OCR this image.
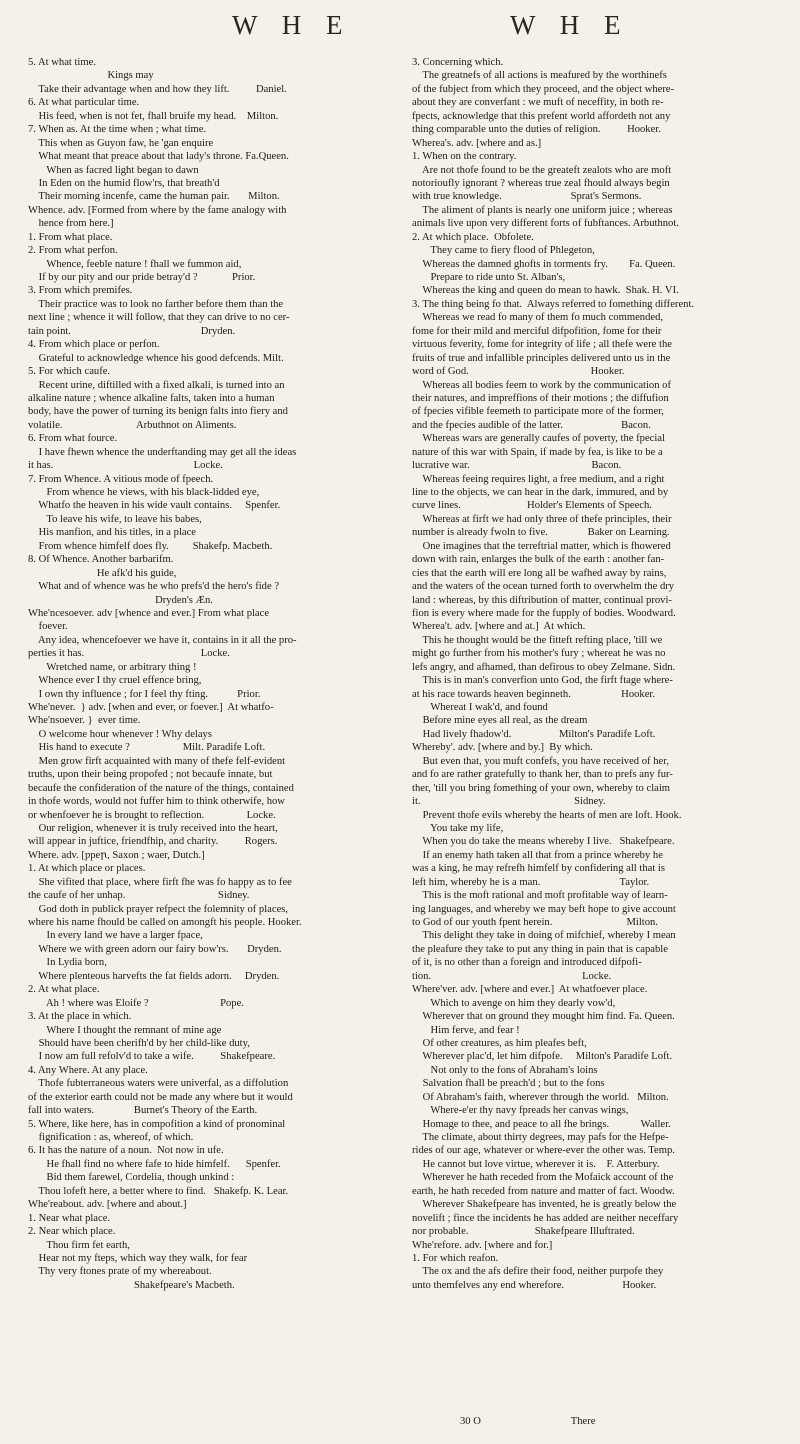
W H E	W H E
5. At what time.
Kings may
Take their advantage when and how they lift.          Daniel.
6. At what particular time.
His feed, when is not fet, fhall bruife my head.    Milton.
7. When as. At the time when ; what time.
This when as Guyon faw, he 'gan enquire
What meant that preace about that lady's throne. Fa.Queen.
When as facred light began to dawn
In Eden on the humid flow'rs, that breath'd
Their morning incenfe, came the human pair.       Milton.
Whence. adv. [Formed from where by the fame analogy with
hence from here.]
1. From what place.
2. From what perfon.
Whence, feeble nature ! fhall we fummon aid,
If by our pity and our pride betray'd ?             Prior.
3. From which premifes.
Their practice was to look no farther before them than the
next line ; whence it will follow, that they can drive to no cer-
tain point.                                                 Dryden.
4. From which place or perfon.
Grateful to acknowledge whence his good defcends. Milt.
5. For which caufe.
Recent urine, diftilled with a fixed alkali, is turned into an
alkaline nature ; whence alkaline falts, taken into a human
body, have the power of turning its benign falts into fiery and
volatile.                            Arbuthnot on Aliments.
6. From what fource.
I have fhewn whence the underftanding may get all the ideas
it has.                                                     Locke.
7. From Whence. A vitious mode of fpeech.
From whence he views, with his black-lidded eye,
Whatfo the heaven in his wide vault contains.     Spenfer.
To leave his wife, to leave his babes,
His manfion, and his titles, in a place
From whence himfelf does fly.         Shakefp. Macbeth.
8. Of Whence. Another barbarifm.
He afk'd his guide,
What and of whence was he who prefs'd the hero's fide ?
Dryden's Æn.
Whe'ncesoever. adv [whence and ever.] From what place
foever.
Any idea, whencefoever we have it, contains in it all the pro-
perties it has.                                            Locke.
Wretched name, or arbitrary thing !
Whence ever I thy cruel effence bring,
I own thy influence ; for I feel thy fting.           Prior.
Whe'never.  } adv. [when and ever, or foever.]  At whatfo-
Whe'nsoever. }  ever time.
O welcome hour whenever ! Why delays
His hand to execute ?                    Milt. Paradife Loft.
Men grow firft acquainted with many of thefe felf-evident
truths, upon their being propofed ; not becaufe innate, but
becaufe the confideration of the nature of the things, contained
in thofe words, would not fuffer him to think otherwife, how
or whenfoever he is brought to reflection.                Locke.
Our religion, whenever it is truly received into the heart,
will appear in juftice, friendfhip, and charity.          Rogers.
Where. adv. [ƿpeꞃ, Saxon ; waer, Dutch.]
1. At which place or places.
She vifited that place, where firft fhe was fo happy as to fee
the caufe of her unhap.                                   Sidney.
God doth in publick prayer refpect the folemnity of places,
where his name fhould be called on amongft his people. Hooker.
In every land we have a larger fpace,
Where we with green adorn our fairy bow'rs.       Dryden.
In Lydia born,
Where plenteous harvefts the fat fields adorn.     Dryden.
2. At what place.
Ah ! where was Eloife ?                           Pope.
3. At the place in which.
Where I thought the remnant of mine age
Should have been cherifh'd by her child-like duty,
I now am full refolv'd to take a wife.          Shakefpeare.
4. Any Where. At any place.
Thofe fubterraneous waters were univerfal, as a diffolution
of the exterior earth could not be made any where but it would
fall into waters.               Burnet's Theory of the Earth.
5. Where, like here, has in compofition a kind of pronominal
fignification : as, whereof, of which.
6. It has the nature of a noun.  Not now in ufe.
He fhall find no where fafe to hide himfelf.      Spenfer.
Bid them farewel, Cordelia, though unkind :
Thou lofeft here, a better where to find.   Shakefp. K. Lear.
Whe'reabout. adv. [where and about.]
1. Near what place.
2. Near which place.
Thou firm fet earth,
Hear not my fteps, which way they walk, for fear
Thy very ftones prate of my whereabout.
Shakefpeare's Macbeth.
3. Concerning which.
The greatnefs of all actions is meafured by the worthinefs
of the fubject from which they proceed, and the object where-
about they are converfant : we muft of neceffity, in both re-
fpects, acknowledge that this prefent world affordeth not any
thing comparable unto the duties of religion.          Hooker.
Wherea's. adv. [where and as.]
1. When on the contrary.
Are not thofe found to be the greateft zealots who are moft
notorioufly ignorant ? whereas true zeal fhould always begin
with true knowledge.                          Sprat's Sermons.
The aliment of plants is nearly one uniform juice ; whereas
animals live upon very different forts of fubftances. Arbuthnot.
2. At which place.  Obfolete.
They came to fiery flood of Phlegeton,
Whereas the damned ghofts in torments fry.        Fa. Queen.
Prepare to ride unto St. Alban's,
Whereas the king and queen do mean to hawk.  Shak. H. VI.
3. The thing being fo that.  Always referred to fomething different.
Whereas we read fo many of them fo much commended,
fome for their mild and merciful difpofition, fome for their
virtuous feverity, fome for integrity of life ; all thefe were the
fruits of true and infallible principles delivered unto us in the
word of God.                                              Hooker.
Whereas all bodies feem to work by the communication of
their natures, and impreffions of their motions ; the diffufion
of fpecies vifible feemeth to participate more of the former,
and the fpecies audible of the latter.                      Bacon.
Whereas wars are generally caufes of poverty, the fpecial
nature of this war with Spain, if made by fea, is like to be a
lucrative war.                                              Bacon.
Whereas feeing requires light, a free medium, and a right
line to the objects, we can hear in the dark, immured, and by
curve lines.                         Holder's Elements of Speech.
Whereas at firft we had only three of thefe principles, their
number is already fwoln to five.               Baker on Learning.
One imagines that the terreftrial matter, which is fhowered
down with rain, enlarges the bulk of the earth : another fan-
cies that the earth will ere long all be wafhed away by rains,
and the waters of the ocean turned forth to overwhelm the dry
land : whereas, by this diftribution of matter, continual provi-
fion is every where made for the fupply of bodies. Woodward.
Wherea't. adv. [where and at.]  At which.
This he thought would be the fitteft refting place, 'till we
might go further from his mother's fury ; whereat he was no
lefs angry, and afhamed, than defirous to obey Zelmane. Sidn.
This is in man's converfion unto God, the firft ftage where-
at his race towards heaven beginneth.                   Hooker.
Whereat I wak'd, and found
Before mine eyes all real, as the dream
Had lively fhadow'd.                  Milton's Paradife Loft.
Whereby'. adv. [where and by.]  By which.
But even that, you muft confefs, you have received of her,
and fo are rather gratefully to thank her, than to prefs any fur-
ther, 'till you bring fomething of your own, whereby to claim
it.                                                          Sidney.
Prevent thofe evils whereby the hearts of men are loft. Hook.
You take my life,
When you do take the means whereby I live.   Shakefpeare.
If an enemy hath taken all that from a prince whereby he
was a king, he may refrefh himfelf by confidering all that is
left him, whereby he is a man.                              Taylor.
This is the moft rational and moft profitable way of learn-
ing languages, and whereby we may beft hope to give account
to God of our youth fpent herein.                            Milton.
This delight they take in doing of mifchief, whereby I mean
the pleafure they take to put any thing in pain that is capable
of it, is no other than a foreign and introduced difpofi-
tion.                                                         Locke.
Where'ver. adv. [where and ever.]  At whatfoever place.
Which to avenge on him they dearly vow'd,
Wherever that on ground they mought him find. Fa. Queen.
Him ferve, and fear !
Of other creatures, as him pleafes beft,
Wherever plac'd, let him difpofe.     Milton's Paradife Loft.
Not only to the fons of Abraham's loins
Salvation fhall be preach'd ; but to the fons
Of Abraham's faith, wherever through the world.   Milton.
Where-e'er thy navy fpreads her canvas wings,
Homage to thee, and peace to all fhe brings.            Waller.
The climate, about thirty degrees, may pafs for the Hefpe-
rides of our age, whatever or where-ever the other was. Temp.
He cannot but love virtue, wherever it is.    F. Atterbury.
Wherever he hath receded from the Mofaick account of the
earth, he hath receded from nature and matter of fact. Woodw.
Wherever Shakefpeare has invented, he is greatly below the
novelift ; fince the incidents he has added are neither neceffary
nor probable.                         Shakefpeare Illuftrated.
Whe'refore. adv. [where and for.]
1. For which reafon.
The ox and the afs defire their food, neither purpofe they
unto themfelves any end wherefore.                      Hooker.
30 O	There
